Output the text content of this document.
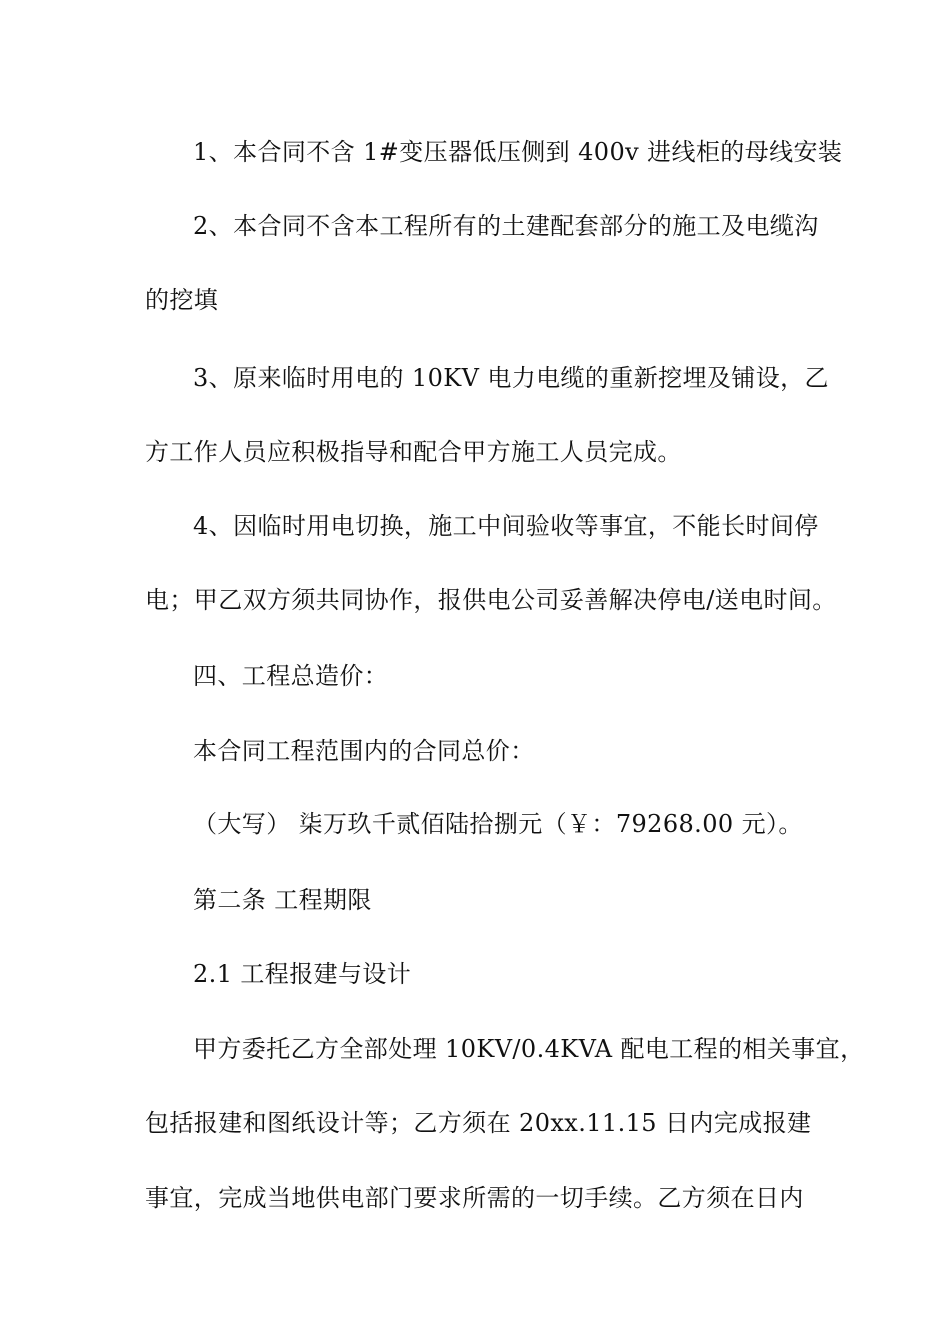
1、本合同不含 1#变压器低压侧到 400v 进线柜的母线安装
2、本合同不含本工程所有的土建配套部分的施工及电缆沟
的挖填
3、原来临时用电的 10KV 电力电缆的重新挖埋及铺设，乙
方工作人员应积极指导和配合甲方施工人员完成。
4、因临时用电切换，施工中间验收等事宜，不能长时间停
电；甲乙双方须共同协作，报供电公司妥善解决停电/送电时间。
四、工程总造价：
本合同工程范围内的合同总价：
（大写） 柒万玖千贰佰陆拾捌元（￥：79268.00 元）。
第二条 工程期限
2.1 工程报建与设计
甲方委托乙方全部处理 10KV/0.4KVA 配电工程的相关事宜，
包括报建和图纸设计等；乙方须在 20xx.11.15 日内完成报建
事宜，完成当地供电部门要求所需的一切手续。乙方须在日内
